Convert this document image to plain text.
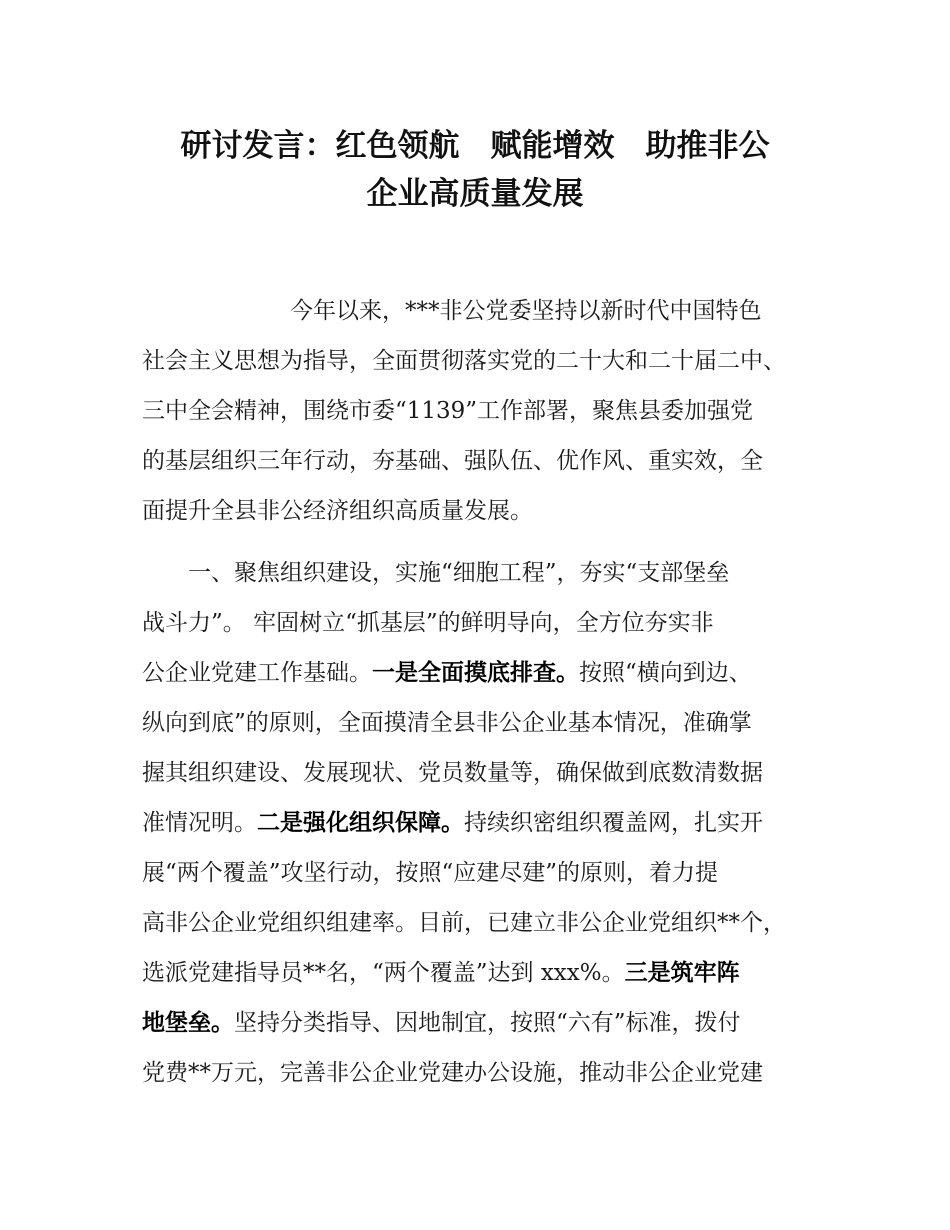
研讨发言：红色领航　赋能增效　助推非公
企业高质量发展
今年以来，***非公党委坚持以新时代中国特色
社会主义思想为指导，全面贯彻落实党的二十大和二十届二中、
三中全会精神，围绕市委“1139”工作部署，聚焦县委加强党
的基层组织三年行动，夯基础、强队伍、优作风、重实效，全
面提升全县非公经济组织高质量发展。
一、聚焦组织建设，实施“细胞工程”，夯实“支部堡垒
战斗力”。 牢固树立“抓基层”的鲜明导向，全方位夯实非
公企业党建工作基础。一是全面摸底排查。按照“横向到边、
纵向到底”的原则，全面摸清全县非公企业基本情况，准确掌
握其组织建设、发展现状、党员数量等，确保做到底数清数据
准情况明。二是强化组织保障。持续织密组织覆盖网，扎实开
展“两个覆盖”攻坚行动，按照“应建尽建”的原则，着力提
高非公企业党组织组建率。目前，已建立非公企业党组织**个，
选派党建指导员**名，“两个覆盖”达到 xxx%。三是筑牢阵
地堡垒。坚持分类指导、因地制宜，按照“六有”标准，拨付
党费**万元，完善非公企业党建办公设施，推动非公企业党建
